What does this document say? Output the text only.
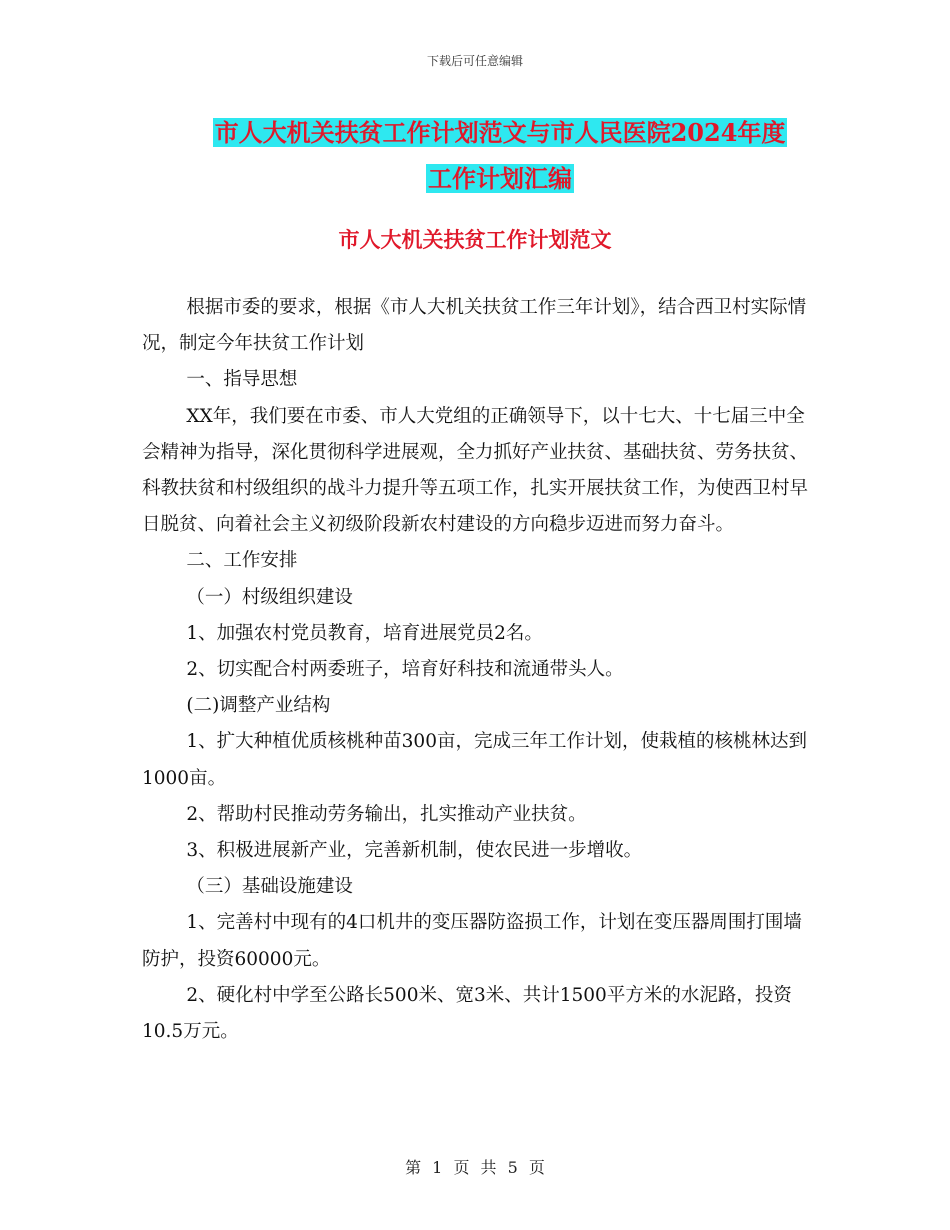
下载后可任意编辑
市人大机关扶贫工作计划范文与市人民医院2024年度
工作计划汇编
市人大机关扶贫工作计划范文

根据市委的要求，根据《市人大机关扶贫工作三年计划》，结合西卫村实际情况，制定今年扶贫工作计划

一、指导思想

XX年，我们要在市委、市人大党组的正确领导下，以十七大、十七届三中全会精神为指导，深化贯彻科学进展观，全力抓好产业扶贫、基础扶贫、劳务扶贫、科教扶贫和村级组织的战斗力提升等五项工作，扎实开展扶贫工作，为使西卫村早日脱贫、向着社会主义初级阶段新农村建设的方向稳步迈进而努力奋斗。

二、工作安排

（一）村级组织建设

1、加强农村党员教育，培育进展党员2名。

2、切实配合村两委班子，培育好科技和流通带头人。

(二)调整产业结构

1、扩大种植优质核桃种苗300亩，完成三年工作计划，使栽植的核桃林达到1000亩。

2、帮助村民推动劳务输出，扎实推动产业扶贫。

3、积极进展新产业，完善新机制，使农民进一步增收。

（三）基础设施建设

1、完善村中现有的4口机井的变压器防盗损工作，计划在变压器周围打围墙防护，投资60000元。

2、硬化村中学至公路长500米、宽3米、共计1500平方米的水泥路，投资10.5万元。

第 1 页 共 5 页
